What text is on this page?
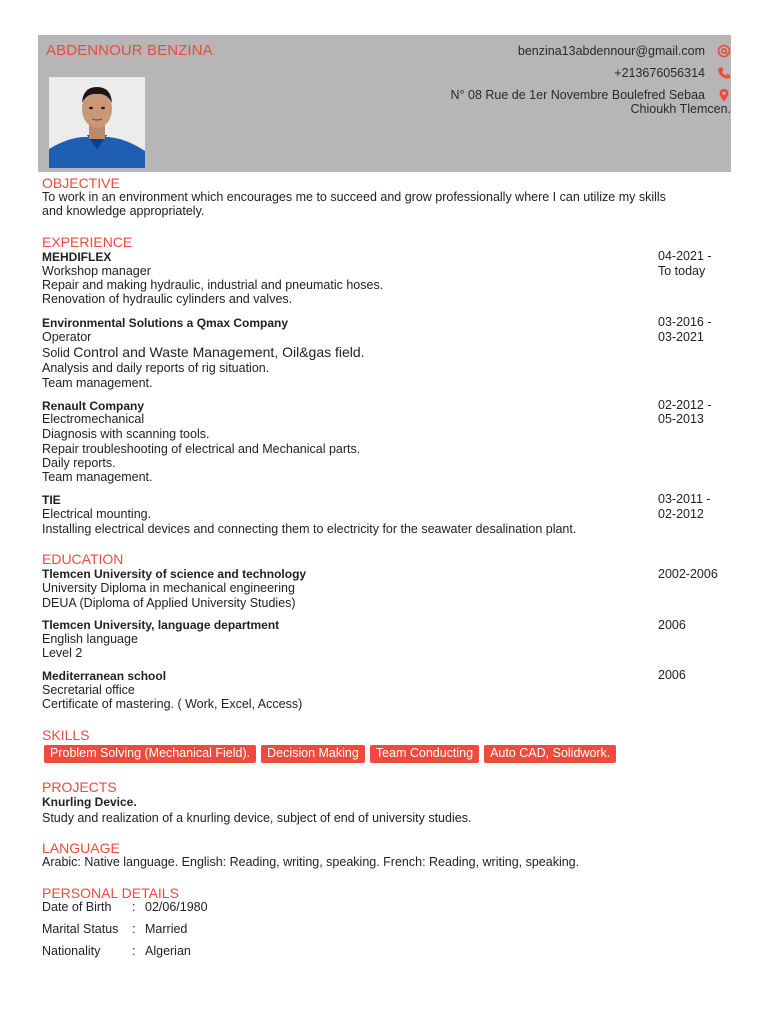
ABDENNOUR BENZINA	benzina13abdennour@gmail.com
+213676056314
N° 08 Rue de 1er Novembre Boulefred Sebaa
Chioukh Tlemcen.
OBJECTIVE
To work in an environment which encourages me to succeed and grow professionally where I can utilize my skills
and knowledge appropriately.
EXPERIENCE
MEHDIFLEX
Workshop manager
Repair and making hydraulic, industrial and pneumatic hoses.
Renovation of hydraulic cylinders and valves.
04-2021 -
To today
Environmental Solutions a Qmax Company
Operator
Solid Control and Waste Management, Oil&gas field.
Analysis and daily reports of rig situation.
Team management.
03-2016 -
03-2021
Renault Company
Electromechanical
Diagnosis with scanning tools.
Repair troubleshooting of electrical and Mechanical parts.
Daily reports.
Team management.
02-2012 -
05-2013
TIE
Electrical mounting.
Installing electrical devices and connecting them to electricity for the seawater desalination plant.
03-2011 -
02-2012
EDUCATION
Tlemcen University of science and technology
University Diploma in mechanical engineering
DEUA (Diploma of Applied University Studies)
2002-2006
Tlemcen University, language department
English language
Level 2
2006
Mediterranean school
Secretarial office
Certificate of mastering. ( Work, Excel, Access)
2006
SKILLS
Problem Solving (Mechanical Field).	Decision Making	Team Conducting	Auto CAD, Solidwork.
PROJECTS
Knurling Device.
Study and realization of a knurling device, subject of end of university studies.
LANGUAGE
Arabic: Native language. English: Reading, writing, speaking. French: Reading, writing, speaking.
PERSONAL DETAILS
Date of Birth	: 02/06/1980
Marital Status	: Married
Nationality	: Algerian
